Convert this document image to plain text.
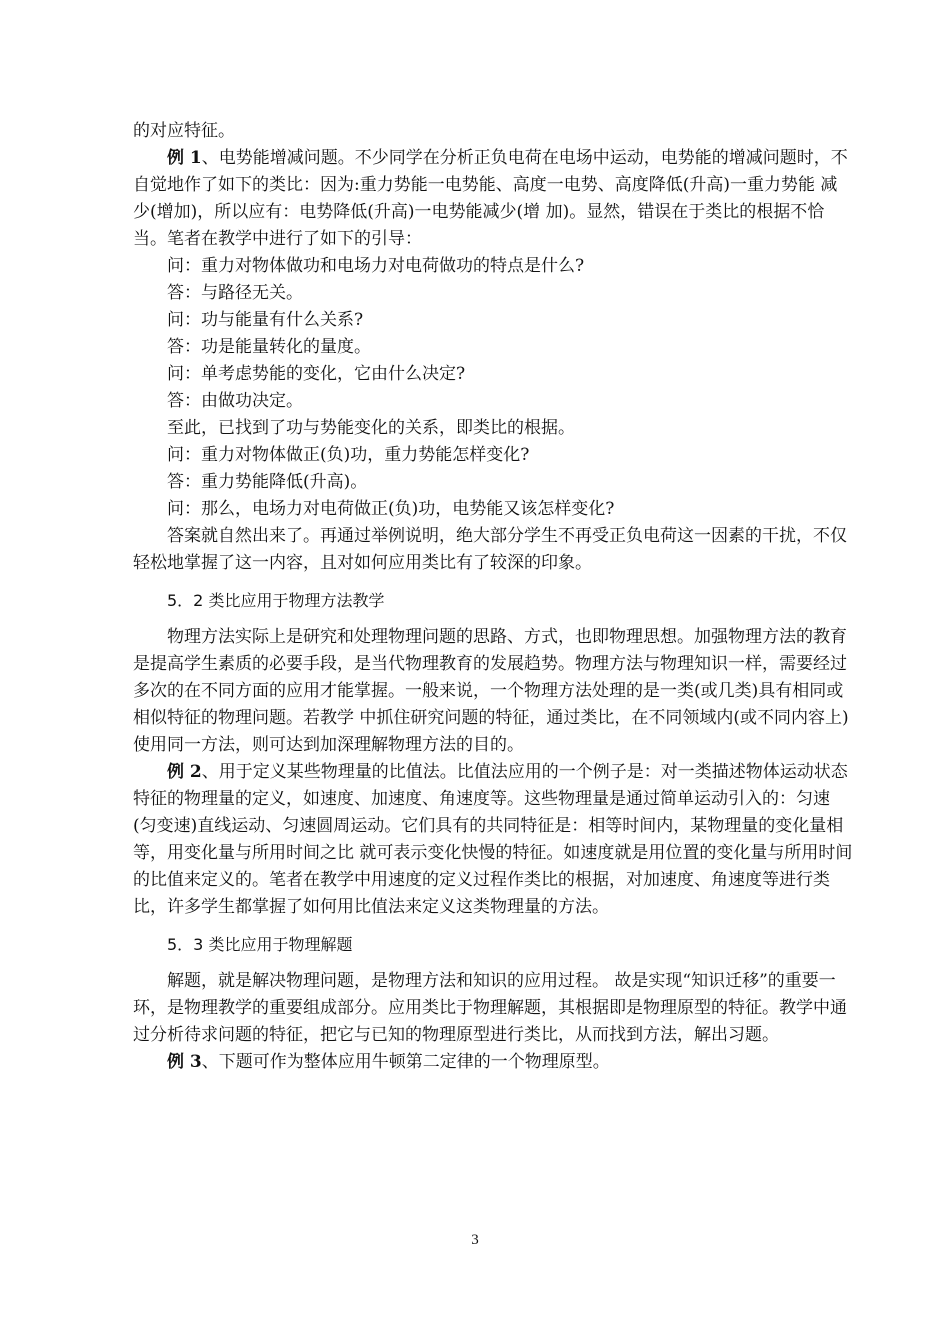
的对应特征。

例 1、电势能增减问题。不少同学在分析正负电荷在电场中运动，电势能的增减问题时，不自觉地作了如下的类比：因为:重力势能一电势能、高度一电势、高度降低(升高)一重力势能 减少(增加)，所以应有：电势降低(升高)一电势能减少(增 加)。显然，错误在于类比的根据不恰当。笔者在教学中进行了如下的引导：

问：重力对物体做功和电场力对电荷做功的特点是什么?

答：与路径无关。

问：功与能量有什么关系?

答：功是能量转化的量度。

问：单考虑势能的变化，它由什么决定?

答：由做功决定。

至此，已找到了功与势能变化的关系，即类比的根据。

问：重力对物体做正(负)功，重力势能怎样变化?

答：重力势能降低(升高)。

问：那么，电场力对电荷做正(负)功，电势能又该怎样变化?

答案就自然出来了。再通过举例说明，绝大部分学生不再受正负电荷这一因素的干扰，不仅轻松地掌握了这一内容，且对如何应用类比有了较深的印象。

5．2 类比应用于物理方法教学

物理方法实际上是研究和处理物理问题的思路、方式，也即物理思想。加强物理方法的教育是提高学生素质的必要手段，是当代物理教育的发展趋势。物理方法与物理知识一样，需要经过多次的在不同方面的应用才能掌握。一般来说，一个物理方法处理的是一类(或几类)具有相同或相似特征的物理问题。若教学 中抓住研究问题的特征，通过类比，在不同领域内(或不同内容上)使用同一方法，则可达到加深理解物理方法的目的。

例 2、用于定义某些物理量的比值法。比值法应用的一个例子是：对一类描述物体运动状态特征的物理量的定义，如速度、加速度、角速度等。这些物理量是通过简单运动引入的：匀速 (匀变速)直线运动、匀速圆周运动。它们具有的共同特征是：相等时间内，某物理量的变化量相等，用变化量与所用时间之比 就可表示变化快慢的特征。如速度就是用位置的变化量与所用时间的比值来定义的。笔者在教学中用速度的定义过程作类比的根据，对加速度、角速度等进行类比，许多学生都掌握了如何用比值法来定义这类物理量的方法。

5．3 类比应用于物理解题

解题，就是解决物理问题，是物理方法和知识的应用过程。 故是实现“知识迁移”的重要一环，是物理教学的重要组成部分。应用类比于物理解题，其根据即是物理原型的特征。教学中通过分析待求问题的特征，把它与已知的物理原型进行类比，从而找到方法，解出习题。

例 3、下题可作为整体应用牛顿第二定律的一个物理原型。

3
